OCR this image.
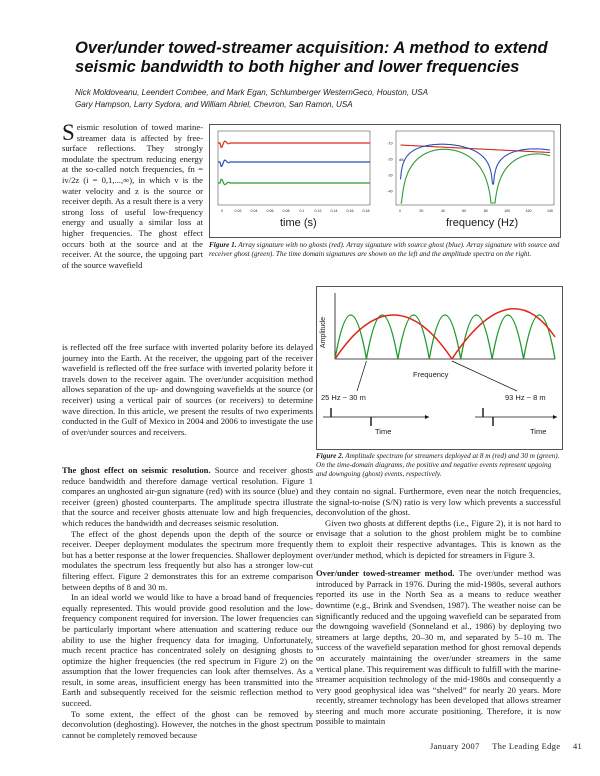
Over/under towed-streamer acquisition: A method to extend seismic bandwidth to both higher and lower frequencies
Nick Moldoveanu, Leendert Combee, and Mark Egan, Schlumberger WesternGeco, Houston, USA
Gary Hampson, Larry Sydora, and William Abriel, Chevron, San Ramon, USA

Seismic resolution of towed marine-streamer data is affected by free-surface reflections. They strongly modulate the spectrum reducing energy at the so-called notch frequencies, fn = iv/2z (i = 0,1,...,∞), in which v is the water velocity and z is the source or receiver depth. As a result there is a very strong loss of useful low-frequency energy and usually a similar loss at higher frequencies. The ghost effect occurs both at the source and at the receiver. At the source, the upgoing part of the source wavefield

0	0.02	0.04	0.06	0.08	0.1	0.12	0.14	0.16	0.18
-10
-20
-30
-40
dB
0	20	40	60	80	100	120	140
time (s)	frequency (Hz)
Figure 1. Array signature with no ghosts (red). Array signature with source ghost (blue). Array signature with source and receiver ghost (green). The time domain signatures are shown on the left and the amplitude spectra on the right.

is reflected off the free surface with inverted polarity before its delayed journey into the Earth. At the receiver, the upgoing part of the receiver wavefield is reflected off the free surface with inverted polarity before it travels down to the receiver again. The over/under acquisition method allows separation of the up- and downgoing wavefields at the source (or receiver) using a vertical pair of sources (or receivers) to determine wave direction. In this article, we present the results of two experiments conducted in the Gulf of Mexico in 2004 and 2006 to investigate the use of over/under sources and receivers.

Amplitude
Frequency
25 Hz ~ 30 m	93 Hz ~ 8 m
Time	Time
Figure 2. Amplitude spectrum for streamers deployed at 8 m (red) and 30 m (green). On the time-domain diagrams, the positive and negative events represent upgoing and downgoing (ghost) events, respectively.

The ghost effect on seismic resolution. Source and receiver ghosts reduce bandwidth and therefore damage vertical resolution. Figure 1 compares an unghosted air-gun signature (red) with its source (blue) and receiver (green) ghosted counterparts. The amplitude spectra illustrate that the source and receiver ghosts attenuate low and high frequencies, which reduces the bandwidth and decreases seismic resolution.

The effect of the ghost depends upon the depth of the source or receiver. Deeper deployment modulates the spectrum more frequently but has a better response at the lower frequencies. Shallower deployment modulates the spectrum less frequently but also has a stronger low-cut filtering effect. Figure 2 demonstrates this for an extreme comparison between depths of 8 and 30 m.

In an ideal world we would like to have a broad band of frequencies equally represented. This would provide good resolution and the low-frequency component required for inversion. The lower frequencies can be particularly important where attenuation and scattering reduce our ability to use the higher frequency data for imaging. Unfortunately, much recent practice has concentrated solely on designing ghosts to optimize the higher frequencies (the red spectrum in Figure 2) on the assumption that the lower frequencies can look after themselves. As a result, in some areas, insufficient energy has been transmitted into the Earth and subsequently received for the seismic reflection method to succeed.

To some extent, the effect of the ghost can be removed by deconvolution (deghosting). However, the notches in the ghost spectrum cannot be completely removed because

they contain no signal. Furthermore, even near the notch frequencies, the signal-to-noise (S/N) ratio is very low which prevents a successful deconvolution of the ghost.

Given two ghosts at different depths (i.e., Figure 2), it is not hard to envisage that a solution to the ghost problem might be to combine them to exploit their respective advantages. This is known as the over/under method, which is depicted for streamers in Figure 3.

Over/under towed-streamer method. The over/under method was introduced by Parrack in 1976. During the mid-1980s, several authors reported its use in the North Sea as a means to reduce weather downtime (e.g., Brink and Svendsen, 1987). The weather noise can be significantly reduced and the upgoing wavefield can be separated from the downgoing wavefield (Sonneland et al., 1986) by deploying two streamers at large depths, 20–30 m, and separated by 5–10 m. The success of the wavefield separation method for ghost removal depends on accurately maintaining the over/under streamers in the same vertical plane. This requirement was difficult to fulfill with the marine-streamer acquisition technology of the mid-1980s and consequently a very good geophysical idea was “shelved” for nearly 20 years. More recently, streamer technology has been developed that allows streamer steering and much more accurate positioning. Therefore, it is now possible to maintain

January 2007 The Leading Edge 41
